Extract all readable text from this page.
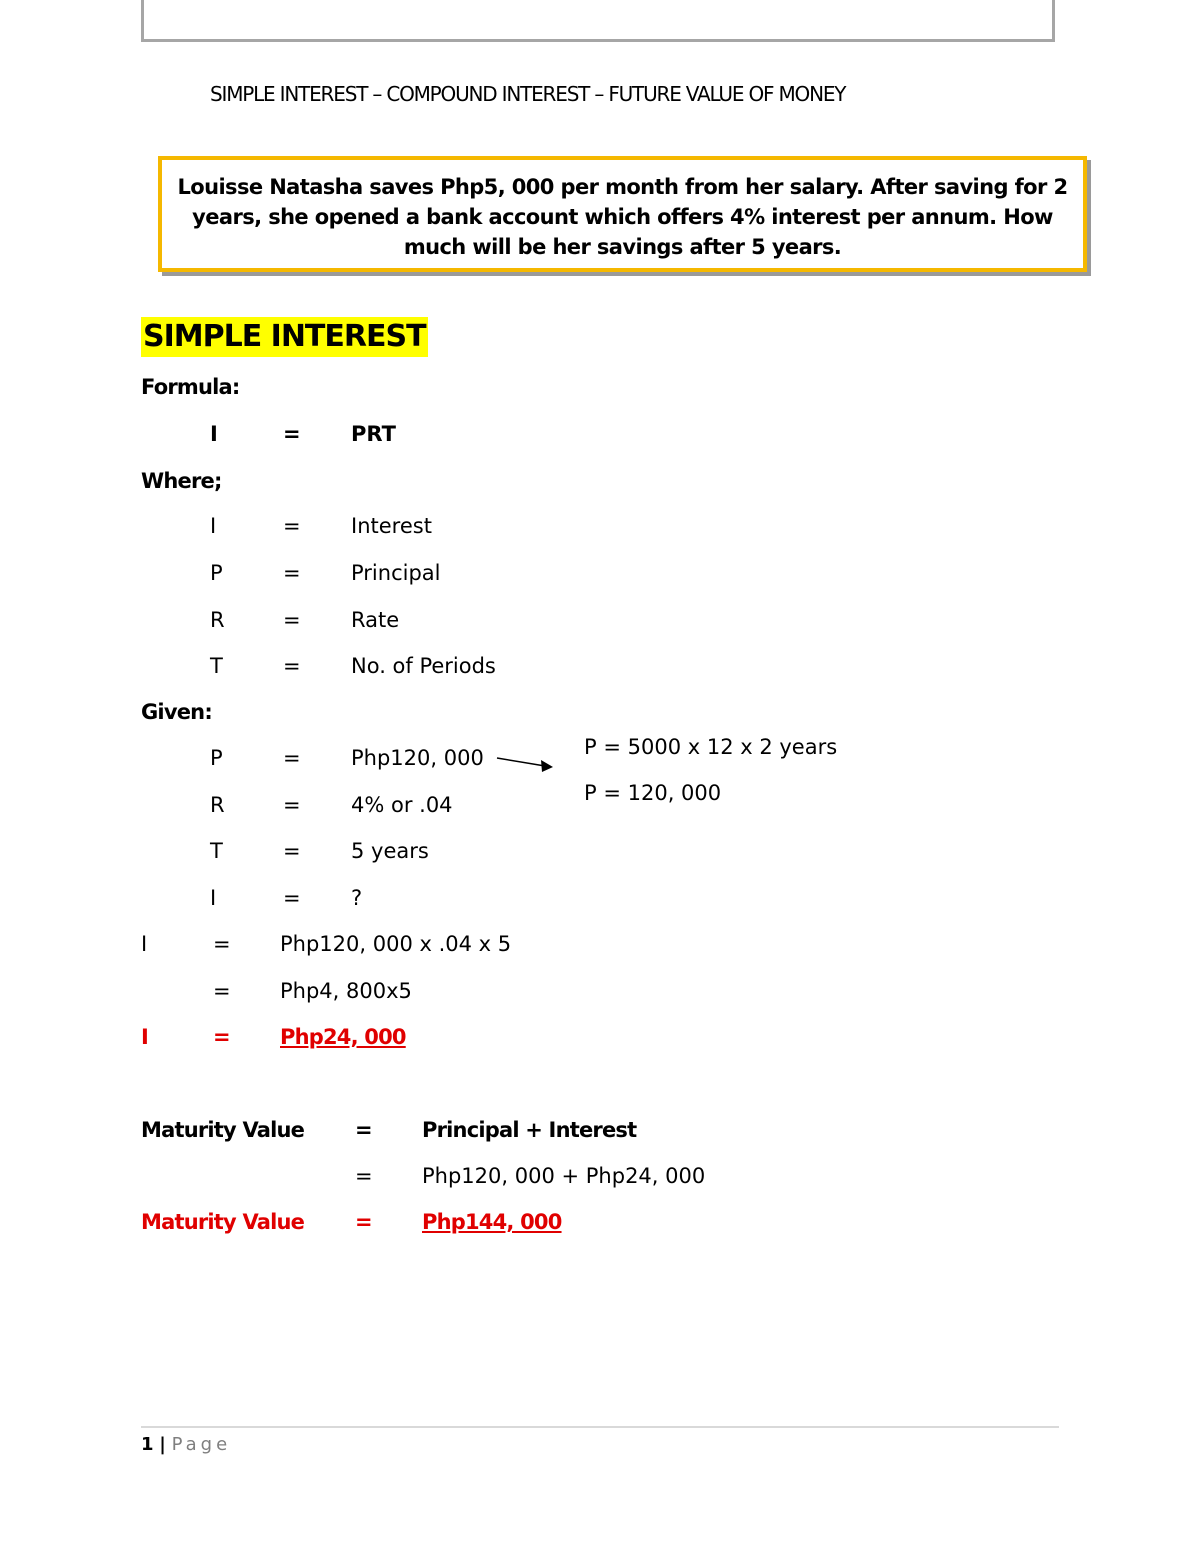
SIMPLE INTEREST – COMPOUND INTEREST – FUTURE VALUE OF MONEY
Louisse Natasha saves Php5, 000 per month from her salary. After saving for 2 years, she opened a bank account which offers 4% interest per annum. How much will be her savings after 5 years.
SIMPLE INTEREST
Formula:
I	= PRT
Where;
I	= Interest
P	= Principal
R	= Rate
T	= No. of Periods
Given:
P	= Php120, 000	P = 5000 x 12 x 2 years
P = 120, 000
R	= 4% or .04
T	= 5 years
I	= ?
I	= Php120, 000 x .04 x 5
= Php4, 800x5
I	= Php24, 000
Maturity Value = Principal + Interest
= Php120, 000 + Php24, 000
Maturity Value = Php144, 000
1 | Page
